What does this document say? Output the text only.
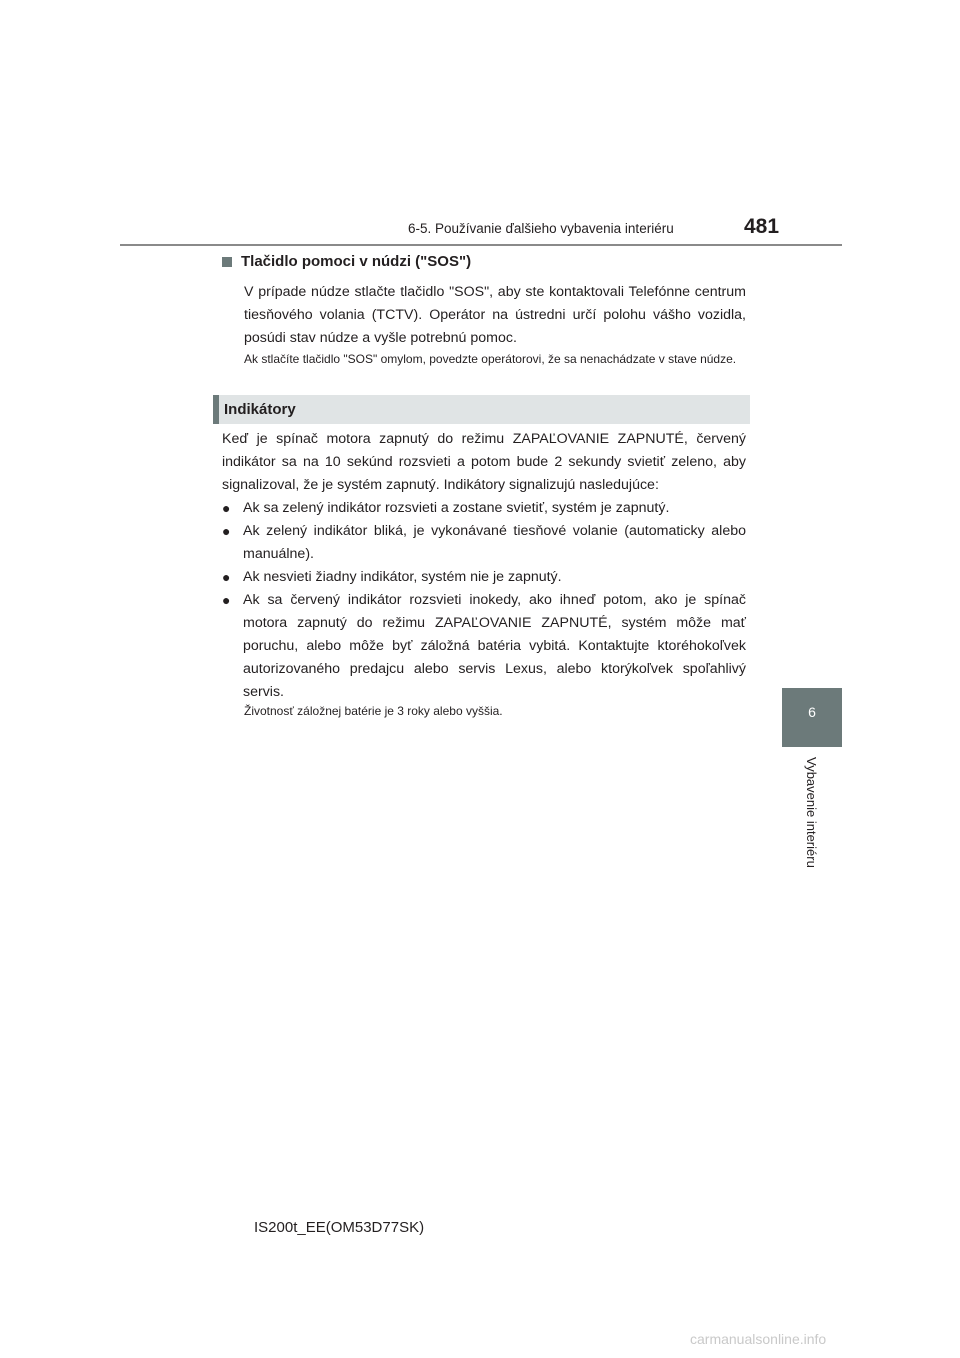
6-5. Používanie ďalšieho vybavenia interiéru	481
6
Vybavenie interiéru
Tlačidlo pomoci v núdzi ("SOS")
V prípade núdze stlačte tlačidlo "SOS", aby ste kontaktovali Telefónne centrum tiesňového volania (TCTV). Operátor na ústredni určí polohu vášho vozidla, posúdi stav núdze a vyšle potrebnú pomoc.
Ak stlačíte tlačidlo "SOS" omylom, povedzte operátorovi, že sa nenachádzate v stave núdze.
Indikátory
Keď je spínač motora zapnutý do režimu ZAPAĽOVANIE ZAPNUTÉ, červený indikátor sa na 10 sekúnd rozsvieti a potom bude 2 sekundy svietiť zeleno, aby signalizoval, že je systém zapnutý. Indikátory signalizujú nasledujúce:
● Ak sa zelený indikátor rozsvieti a zostane svietiť, systém je zapnutý.
● Ak zelený indikátor bliká, je vykonávané tiesňové volanie (automaticky alebo manuálne).
● Ak nesvieti žiadny indikátor, systém nie je zapnutý.
● Ak sa červený indikátor rozsvieti inokedy, ako ihneď potom, ako je spínač motora zapnutý do režimu ZAPAĽOVANIE ZAPNUTÉ, systém môže mať poruchu, alebo môže byť záložná batéria vybitá. Kontaktujte ktoréhokoľvek autorizovaného predajcu alebo servis Lexus, alebo ktorýkoľvek spoľahlivý servis.
Životnosť záložnej batérie je 3 roky alebo vyššia.
IS200t_EE(OM53D77SK)
carmanualsonline.info
